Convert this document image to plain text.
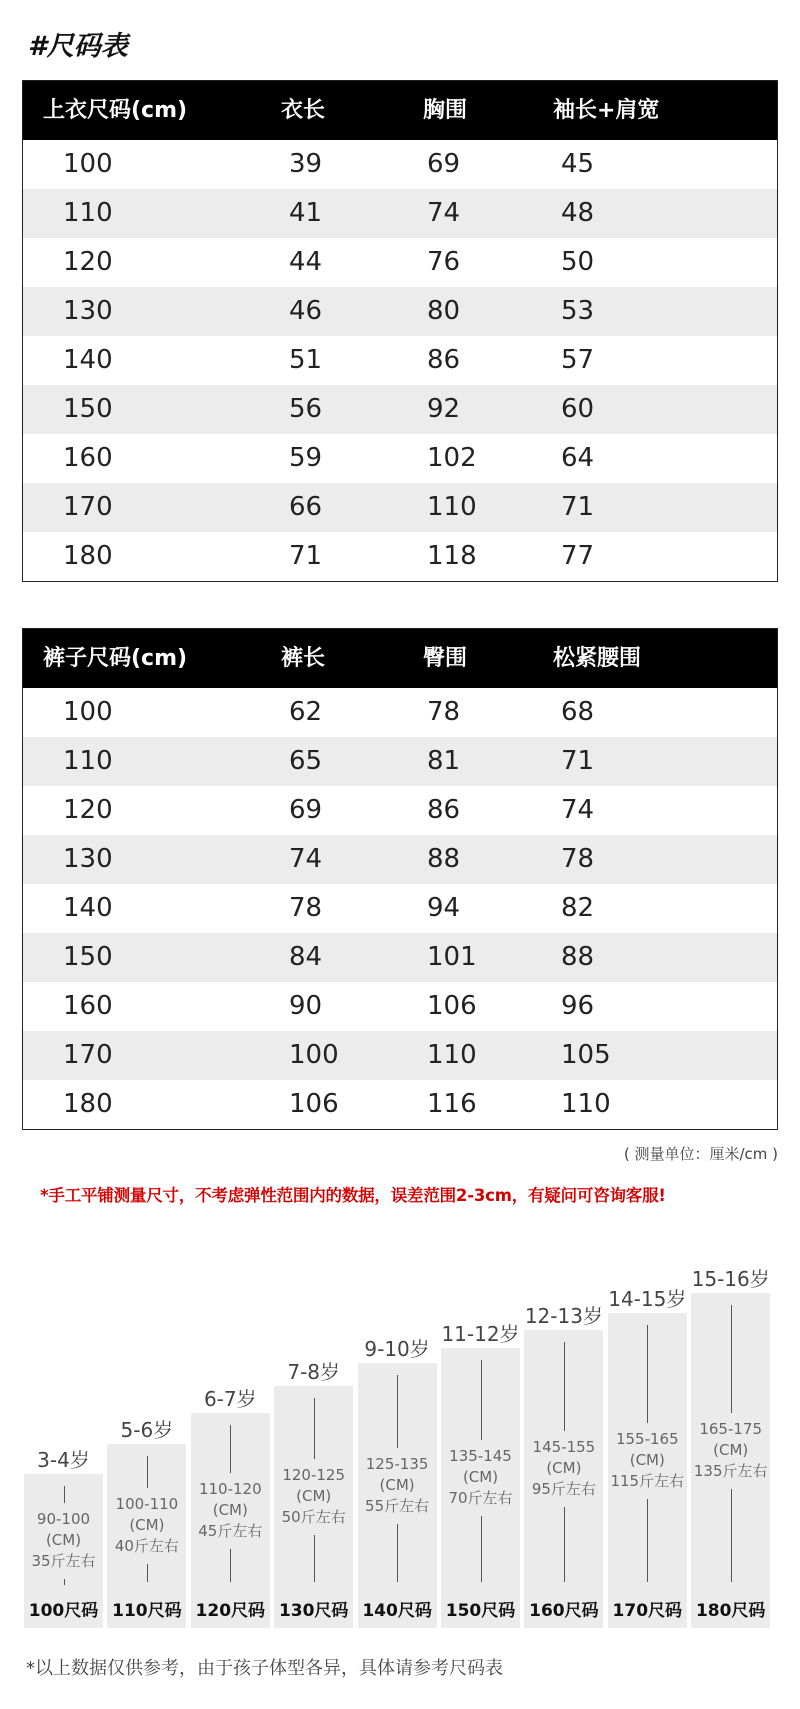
#尺码表
上衣尺码(cm)	衣长	胸围	袖长+肩宽
100	39	69	45
110	41	74	48
120	44	76	50
130	46	80	53
140	51	86	57
150	56	92	60
160	59	102	64
170	66	110	71
180	71	118	77
裤子尺码(cm)	裤长	臀围	松紧腰围
100	62	78	68
110	65	81	71
120	69	86	74
130	74	88	78
140	78	94	82
150	84	101	88
160	90	106	96
170	100	110	105
180	106	116	110
( 测量单位：厘米/cm )
*手工平铺测量尺寸，不考虑弹性范围内的数据，误差范围2-3cm，有疑问可咨询客服!
3-4岁
90-100
(CM)
35斤左右
100尺码
5-6岁
100-110
(CM)
40斤左右
110尺码
6-7岁
110-120
(CM)
45斤左右
120尺码
7-8岁
120-125
(CM)
50斤左右
130尺码
9-10岁
125-135
(CM)
55斤左右
140尺码
11-12岁
135-145
(CM)
70斤左右
150尺码
12-13岁
145-155
(CM)
95斤左右
160尺码
14-15岁
155-165
(CM)
115斤左右
170尺码
15-16岁
165-175
(CM)
135斤左右
180尺码
*以上数据仅供参考，由于孩子体型各异，具体请参考尺码表
